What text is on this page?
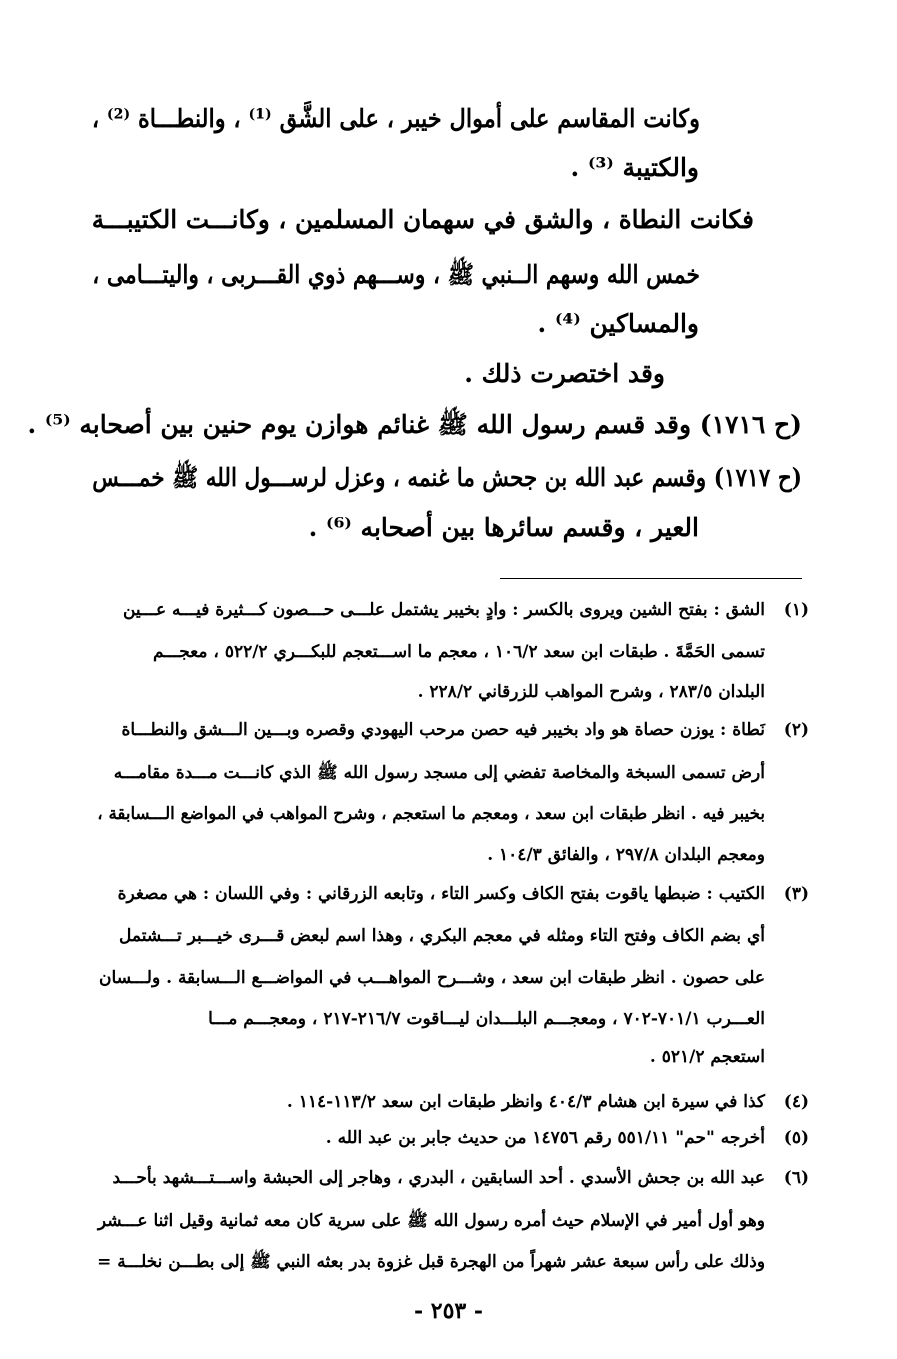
وكانت المقاسم على أموال خيبر ، على الشَّق ⁽¹⁾ ، والنطـــاة ⁽²⁾ ،
والكتيبة ⁽³⁾ .
فكانت النطاة ، والشق في سهمان المسلمين ، وكانـــت الكتيبـــة
خمس الله وسهم الــنبي ﷺ ، وســـهم ذوي القـــربى ، واليتـــامى ،
والمساكين ⁽⁴⁾ .
وقد اختصرت ذلك .
(ح ١٧١٦) وقد قسم رسول الله ﷺ غنائم هوازن يوم حنين بين أصحابه ⁽⁵⁾ .
(ح ١٧١٧) وقسم عبد الله بن جحش ما غنمه ، وعزل لرســـول الله ﷺ خمـــس
العير ، وقسم سائرها بين أصحابه ⁽⁶⁾ .
(١)
الشق : بفتح الشين ويروى بالكسر : وادٍ بخيبر يشتمل علـــى حـــصون كـــثيرة فيـــه عـــين
تسمى الحَمَّةَ . طبقات ابن سعد ١٠٦/٢ ، معجم ما اســـتعجم للبكـــري ٥٢٢/٢ ، معجـــم
البلدان ٢٨٣/٥ ، وشرح المواهب للزرقاني ٢٢٨/٢ .
(٢)
نَطاة : يوزن حصاة هو واد بخيبر فيه حصن مرحب اليهودي وقصره وبـــين الـــشق والنطـــاة
أرض تسمى السبخة والمخاصة تفضي إلى مسجد رسول الله ﷺ الذي كانـــت مـــدة مقامـــه
بخيبر فيه . انظر طبقات ابن سعد ، ومعجم ما استعجم ، وشرح المواهب في المواضع الـــسابقة ،
ومعجم البلدان ٢٩٧/٨ ، والفائق ١٠٤/٣ .
(٣)
الكتيب : ضبطها ياقوت بفتح الكاف وكسر التاء ، وتابعه الزرقاني : وفي اللسان : هي مصغرة
أي بضم الكاف وفتح التاء ومثله في معجم البكري ، وهذا اسم لبعض قـــرى خيـــبر تـــشتمل
على حصون . انظر طبقات ابن سعد ، وشـــرح المواهـــب في المواضـــع الـــسابقة . ولـــسان
العـــرب ٧٠١/١-٧٠٢ ، ومعجـــم البلـــدان ليـــاقوت ٢١٦/٧-٢١٧ ، ومعجـــم مـــا
استعجم ٥٢١/٢ .
(٤)
كذا في سيرة ابن هشام ٤٠٤/٣ وانظر طبقات ابن سعد ١١٣/٢-١١٤ .
(٥)
أخرجه "حم" ٥٥١/١١ رقم ١٤٧٥٦ من حديث جابر بن عبد الله .
(٦)
عبد الله بن جحش الأسدي . أحد السابقين ، البدري ، وهاجر إلى الحبشة واســـتـــشهد بأحـــد
وهو أول أمير في الإسلام حيث أمره رسول الله ﷺ على سرية كان معه ثمانية وقيل اثنا عـــشر
وذلك على رأس سبعة عشر شهراً من الهجرة قبل غزوة بدر بعثه النبي ﷺ إلى بطـــن نخلـــة =
- ٢٥٣ -
